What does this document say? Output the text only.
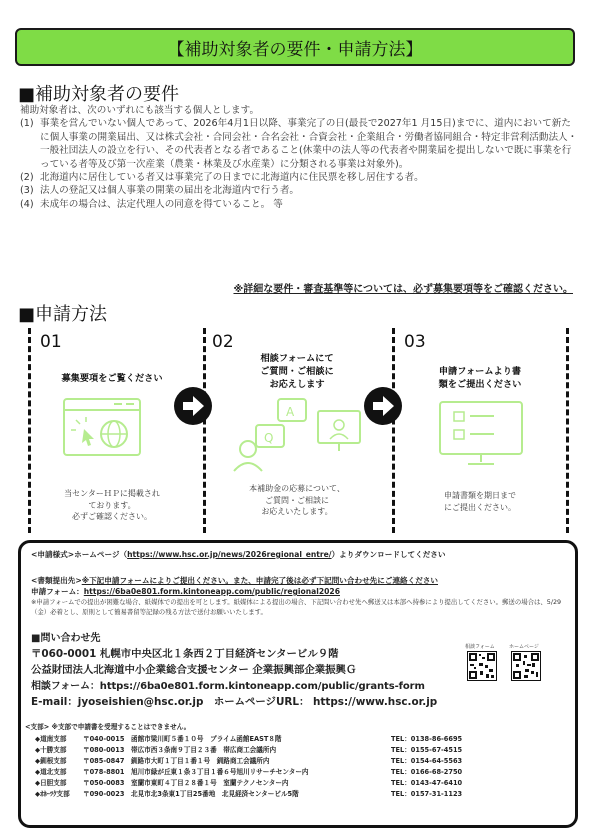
【補助対象者の要件・申請方法】
■補助対象者の要件
補助対象者は、次のいずれにも該当する個人とします。
(1) 事業を営んでいない個人であって、2026年4月1日以降、事業完了の日(最長で2027年1 月15日)までに、道内において新たに個人事業の開業届出、又は株式会社・合同会社・合名会社・合資会社・企業組合・労働者協同組合・特定非営利活動法人・一般社団法人の設立を行い、その代表者となる者であること(休業中の法人等の代表者や開業届を提出しないで既に事業を行っている者等及び第一次産業（農業・林業及び水産業）に分類される事業は対象外)。
(2) 北海道内に居住している者又は事業完了の日までに北海道内に住民票を移し居住する者。
(3) 法人の登記又は個人事業の開業の届出を北海道内で行う者。
(4) 未成年の場合は、法定代理人の同意を得ていること。 等
※詳細な要件・審査基準等については、必ず募集要項等をご確認ください。
■申請方法
01
募集要項をご覧ください
当センターＨＰに掲載され
ております。
必ずご確認ください。
02
相談フォームにて
ご質問・ご相談に
お応えします
A
Q
本補助金の応募について、
ご質問・ご相談に
お応えいたします。
03
申請フォームより書
類をご提出ください
申請書類を期日まで
にご提出ください。
<申請様式>ホームページ（https://www.hsc.or.jp/news/2026regional_entre/）よりダウンロードしてください
<書類提出先>※下記申請フォームによりご提出ください。また、申請完了後は必ず下記問い合わせ先にご連絡ください
申請フォーム：https://6ba0e801.form.kintoneapp.com/public/regional2026
※申請フォームでの提出が困難な場合、紙媒体での提出を可とします。紙媒体による提出の場合、下記問い合わせ先へ郵送又は本部へ持参により提出してください。郵送の場合は、5/29（金）必着とし、原則として簡易書留等記録の残る方法で送付お願いいたします。
■問い合わせ先
〒060-0001 札幌市中央区北１条西２丁目経済センタービル９階
公益財団法人北海道中小企業総合支援センター 企業振興部企業振興Ｇ
相談フォーム：https://6ba0e801.form.kintoneapp.com/public/grants-form
E-mail：jyoseishien@hsc.or.jp　ホームページURL： https://www.hsc.or.jp
相談フォーム	ホームページ
<支部> ※支部で申請書を受理することはできません。
◆道南支部	〒040-0015 函館市梁川町５番１０号　プライム函館EAST８階	TEL：0138-86-6695
◆十勝支部	〒080-0013 帯広市西３条南９丁目２３番　帯広商工会議所内	TEL：0155-67-4515
◆釧根支部	〒085-0847 釧路市大町１丁目１番１号　釧路商工会議所内	TEL：0154-64-5563
◆道北支部	〒078-8801 旭川市緑が丘東１条３丁目１番６号旭川リサーチセンター内	TEL：0166-68-2750
◆日胆支部	〒050-0083 室蘭市東町４丁目２８番１号　室蘭テクノセンター内	TEL：0143-47-6410
◆ｵﾎｰﾂｸ支部 〒090-0023 北見市北3条東1丁目25番地　北見経済センタービル5階	TEL：0157-31-1123
